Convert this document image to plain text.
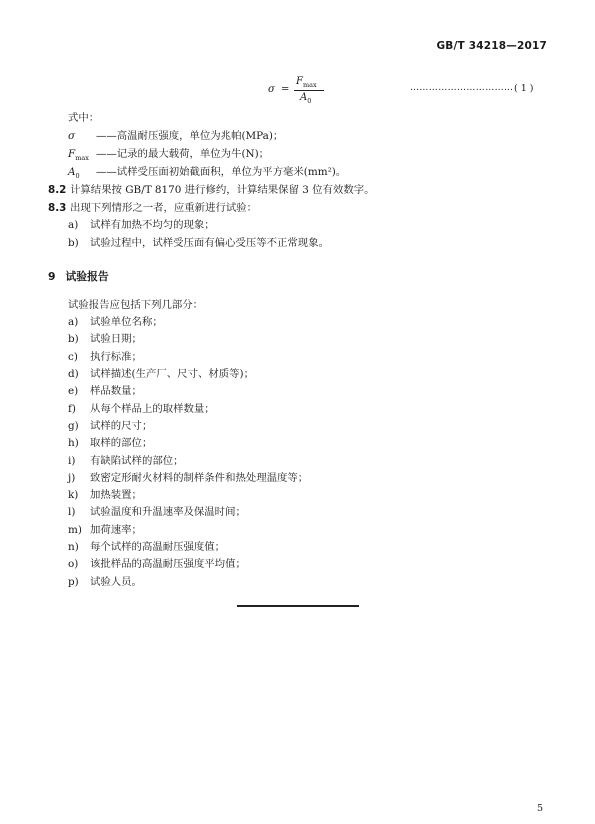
GB/T 34218—2017
σ =
$F_{max}$
$A_0$
…………………………… ( 1 )
式中：
σ ——高温耐压强度，单位为兆帕(MPa)；
$F_{max}$ ——记录的最大载荷，单位为牛(N)；
$A_0$ ——试样受压面初始截面积，单位为平方毫米(mm²)。
8.2 计算结果按 GB/T 8170 进行修约，计算结果保留 3 位有效数字。
8.3 出现下列情形之一者，应重新进行试验：
a) 试样有加热不均匀的现象；
b) 试验过程中，试样受压面有偏心受压等不正常现象。
9 试验报告
试验报告应包括下列几部分：
a) 试验单位名称；
b) 试验日期；
c) 执行标准；
d) 试样描述(生产厂、尺寸、材质等)；
e) 样品数量；
f) 从每个样品上的取样数量；
g) 试样的尺寸；
h) 取样的部位；
i) 有缺陷试样的部位；
j) 致密定形耐火材料的制样条件和热处理温度等；
k) 加热装置；
l) 试验温度和升温速率及保温时间；
m) 加荷速率；
n) 每个试样的高温耐压强度值；
o) 该批样品的高温耐压强度平均值；
p) 试验人员。
5
